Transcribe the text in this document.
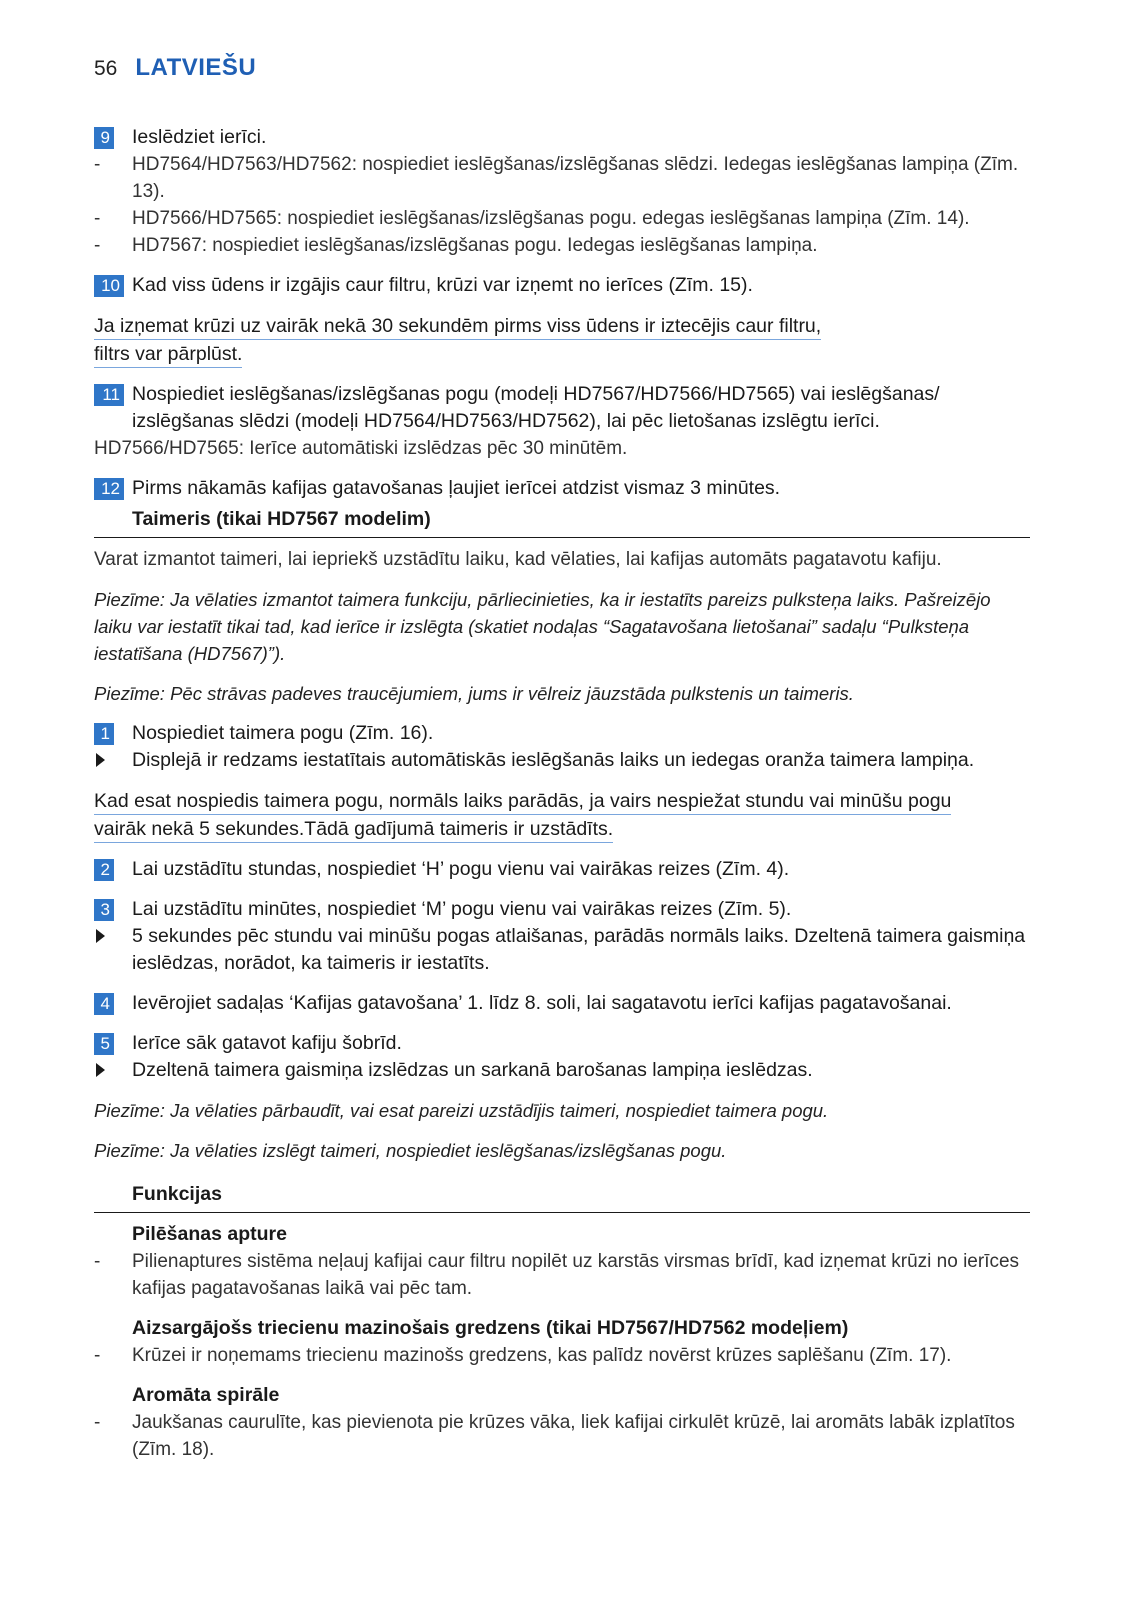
56 LATVIEŠU
9 Ieslēdziet ierīci.
- HD7564/HD7563/HD7562: nospiediet ieslēgšanas/izslēgšanas slēdzi. Iedegas ieslēgšanas lampiņa (Zīm. 13).
- HD7566/HD7565: nospiediet ieslēgšanas/izslēgšanas pogu. edegas ieslēgšanas lampiņa (Zīm. 14).
- HD7567: nospiediet ieslēgšanas/izslēgšanas pogu. Iedegas ieslēgšanas lampiņa.
10 Kad viss ūdens ir izgājis caur filtru, krūzi var izņemt no ierīces (Zīm. 15).
Ja izņemat krūzi uz vairāk nekā 30 sekundēm pirms viss ūdens ir iztecējis caur filtru,
filtrs var pārplūst.
11 Nospiediet ieslēgšanas/izslēgšanas pogu (modeļi HD7567/HD7566/HD7565) vai ieslēgšanas/ izslēgšanas slēdzi (modeļi HD7564/HD7563/HD7562), lai pēc lietošanas izslēgtu ierīci.
HD7566/HD7565: Ierīce automātiski izslēdzas pēc 30 minūtēm.
12 Pirms nākamās kafijas gatavošanas ļaujiet ierīcei atdzist vismaz 3 minūtes.
Taimeris (tikai HD7567 modelim)
Varat izmantot taimeri, lai iepriekš uzstādītu laiku, kad vēlaties, lai kafijas automāts pagatavotu kafiju.
Piezīme: Ja vēlaties izmantot taimera funkciju, pārliecinieties, ka ir iestatīts pareizs pulksteņa laiks. Pašreizējo laiku var iestatīt tikai tad, kad ierīce ir izslēgta (skatiet nodaļas “Sagatavošana lietošanai” sadaļu “Pulksteņa iestatīšana (HD7567)”).
Piezīme: Pēc strāvas padeves traucējumiem, jums ir vēlreiz jāuzstāda pulkstenis un taimeris.
1 Nospiediet taimera pogu (Zīm. 16).
Displejā ir redzams iestatītais automātiskās ieslēgšanās laiks un iedegas oranža taimera lampiņa.
Kad esat nospiedis taimera pogu, normāls laiks parādās, ja vairs nespiežat stundu vai minūšu pogu
vairāk nekā 5 sekundes.Tādā gadījumā taimeris ir uzstādīts.
2 Lai uzstādītu stundas, nospiediet ‘H’ pogu vienu vai vairākas reizes (Zīm. 4).
3 Lai uzstādītu minūtes, nospiediet ‘M’ pogu vienu vai vairākas reizes (Zīm. 5).
5 sekundes pēc stundu vai minūšu pogas atlaišanas, parādās normāls laiks. Dzeltenā taimera gaismiņa ieslēdzas, norādot, ka taimeris ir iestatīts.
4 Ievērojiet sadaļas ‘Kafijas gatavošana’ 1. līdz 8. soli, lai sagatavotu ierīci kafijas pagatavošanai.
5 Ierīce sāk gatavot kafiju šobrīd.
Dzeltenā taimera gaismiņa izslēdzas un sarkanā barošanas lampiņa ieslēdzas.
Piezīme: Ja vēlaties pārbaudīt, vai esat pareizi uzstādījis taimeri, nospiediet taimera pogu.
Piezīme: Ja vēlaties izslēgt taimeri, nospiediet ieslēgšanas/izslēgšanas pogu.
Funkcijas
Pilēšanas apture
- Pilienaptures sistēma neļauj kafijai caur filtru nopilēt uz karstās virsmas brīdī, kad izņemat krūzi no ierīces kafijas pagatavošanas laikā vai pēc tam.
Aizsargājošs triecienu mazinošais gredzens (tikai HD7567/HD7562 modeļiem)
- Krūzei ir noņemams triecienu mazinošs gredzens, kas palīdz novērst krūzes saplēšanu (Zīm. 17).
Aromāta spirāle
- Jaukšanas caurulīte, kas pievienota pie krūzes vāka, liek kafijai cirkulēt krūzē, lai aromāts labāk izplatītos (Zīm. 18).
